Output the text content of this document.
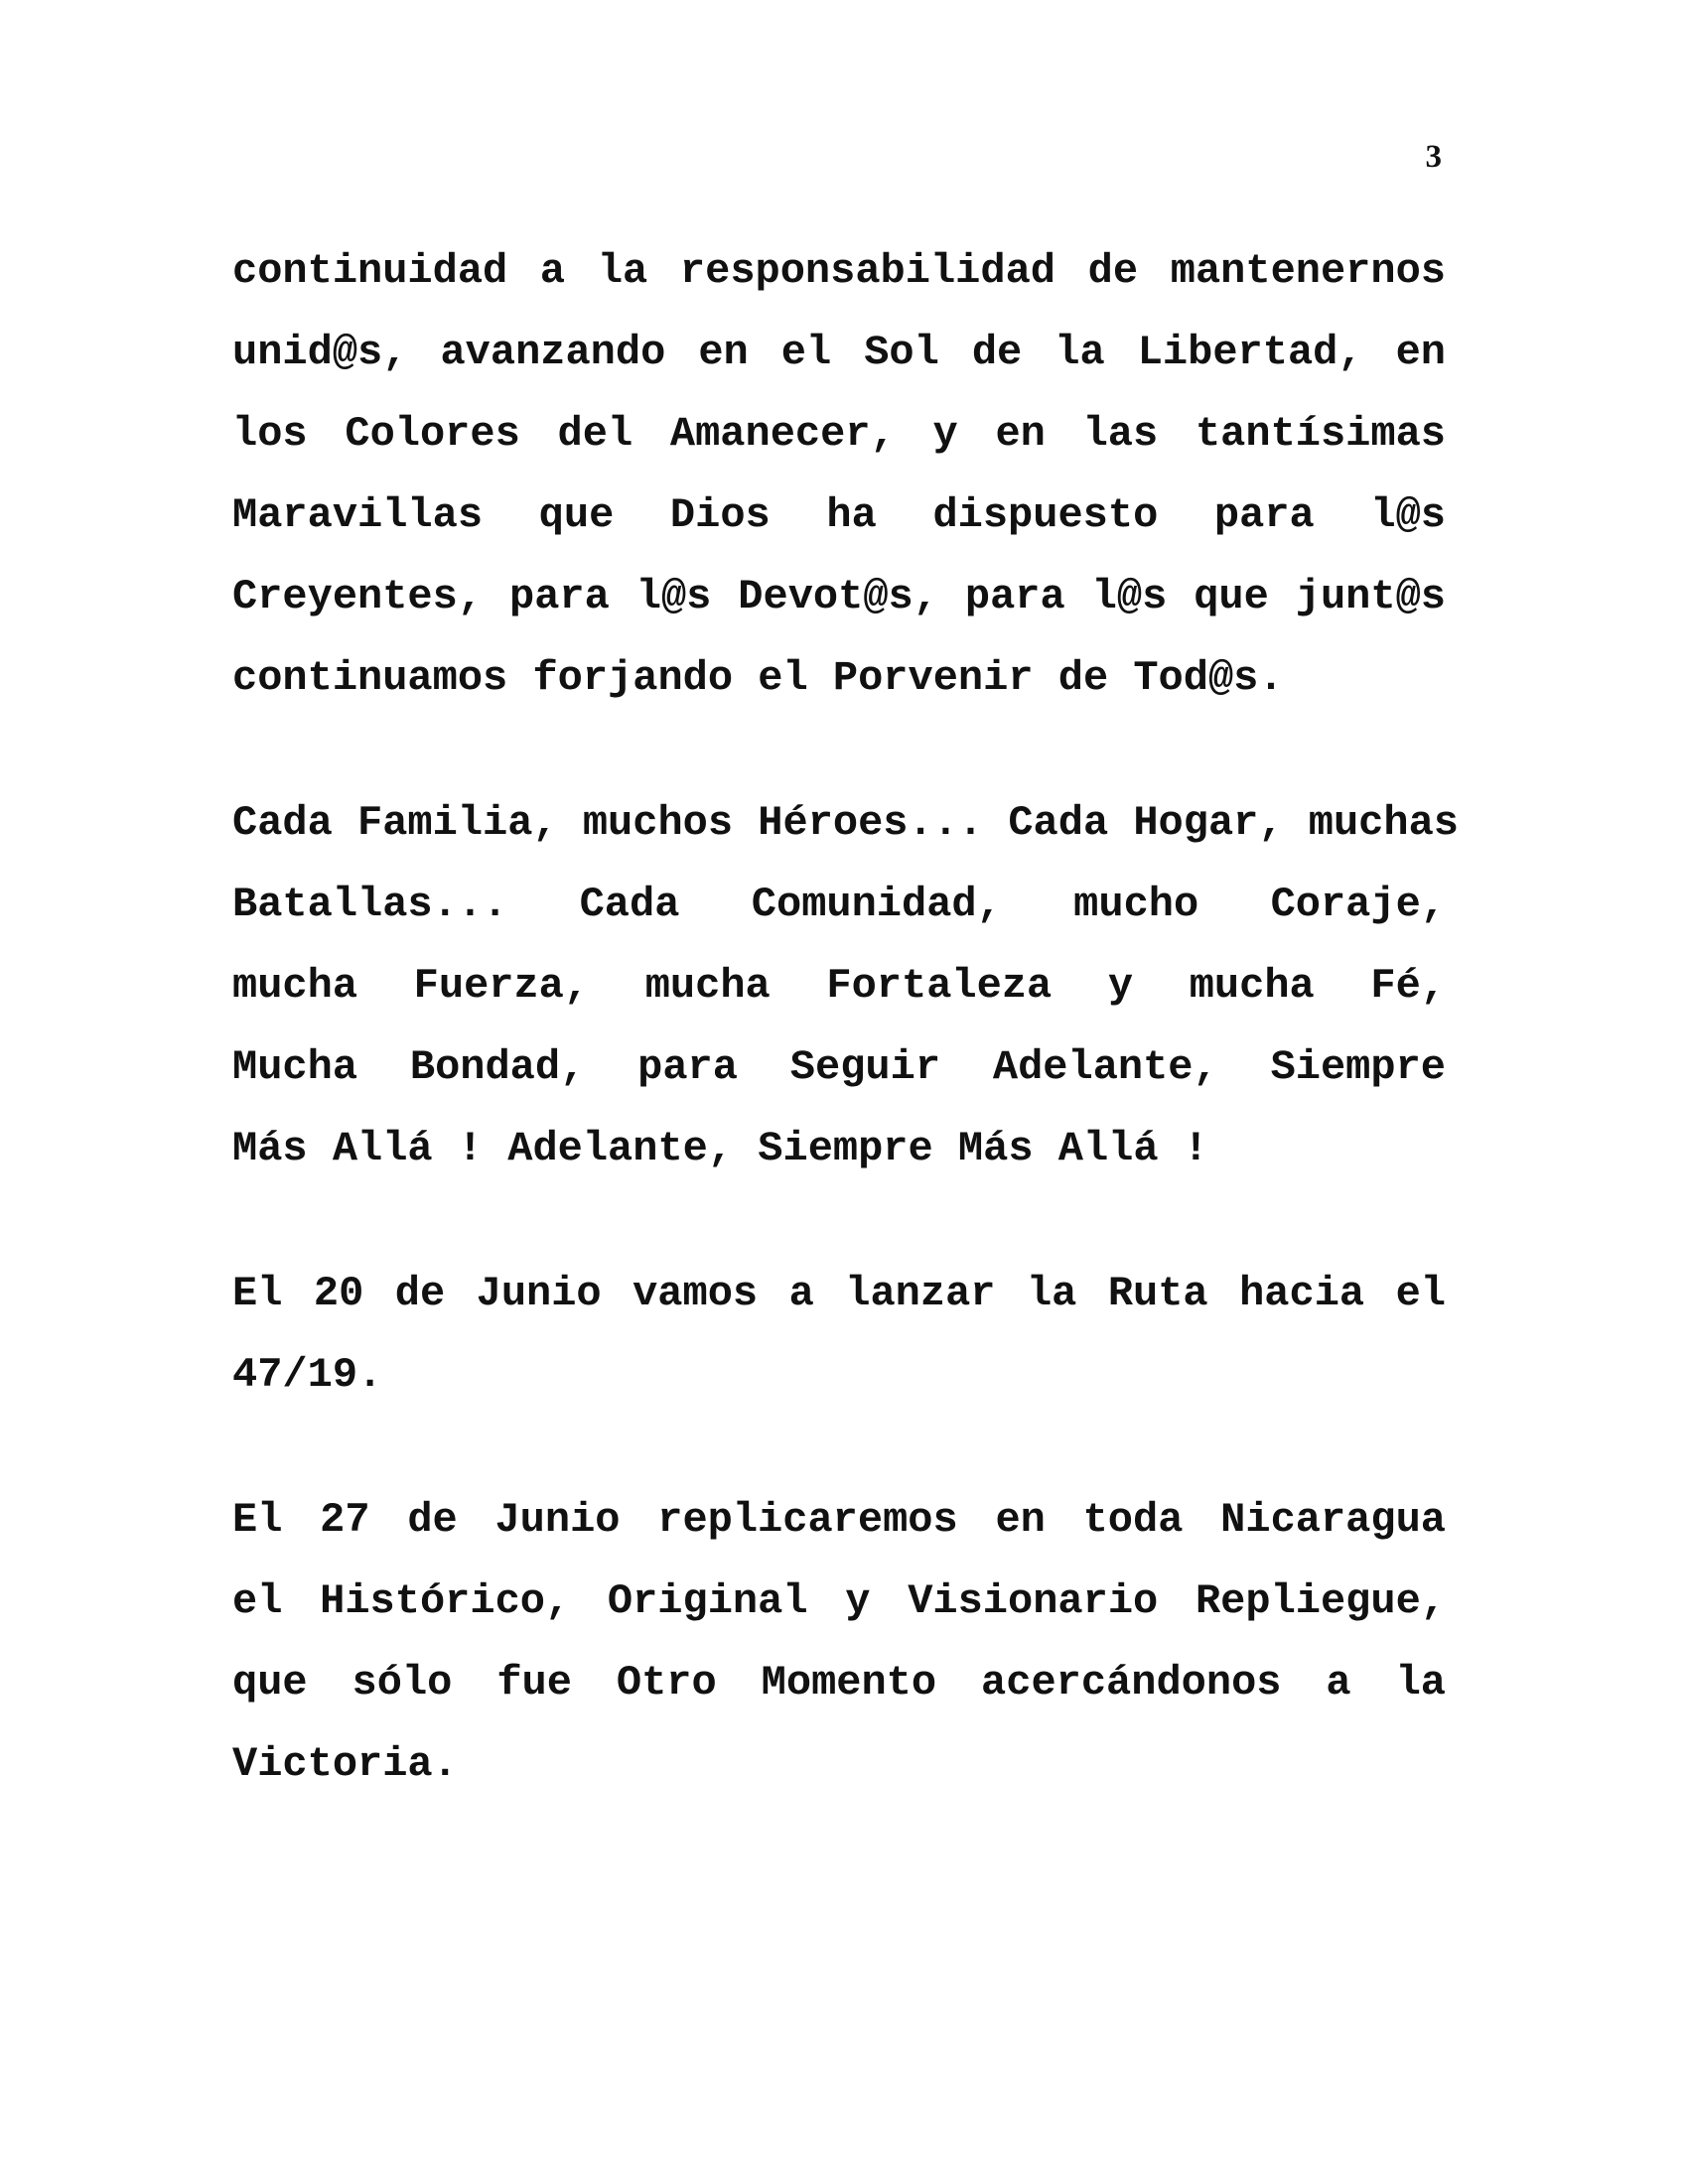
3

continuidad a la responsabilidad de mantenernos
unid@s, avanzando en el Sol de la Libertad, en
los Colores del Amanecer, y en las tantísimas
Maravillas que Dios ha dispuesto para l@s
Creyentes, para l@s Devot@s, para l@s que junt@s
continuamos forjando el Porvenir de Tod@s.
Cada Familia, muchos Héroes... Cada Hogar, muchas
Batallas... Cada Comunidad, mucho Coraje,
mucha Fuerza, mucha Fortaleza y mucha Fé,
Mucha Bondad, para Seguir Adelante, Siempre
Más Allá ! Adelante, Siempre Más Allá !
El 20 de Junio vamos a lanzar la Ruta hacia el
47/19.
El 27 de Junio replicaremos en toda Nicaragua
el Histórico, Original y Visionario Repliegue,
que sólo fue Otro Momento acercándonos a la
Victoria.
